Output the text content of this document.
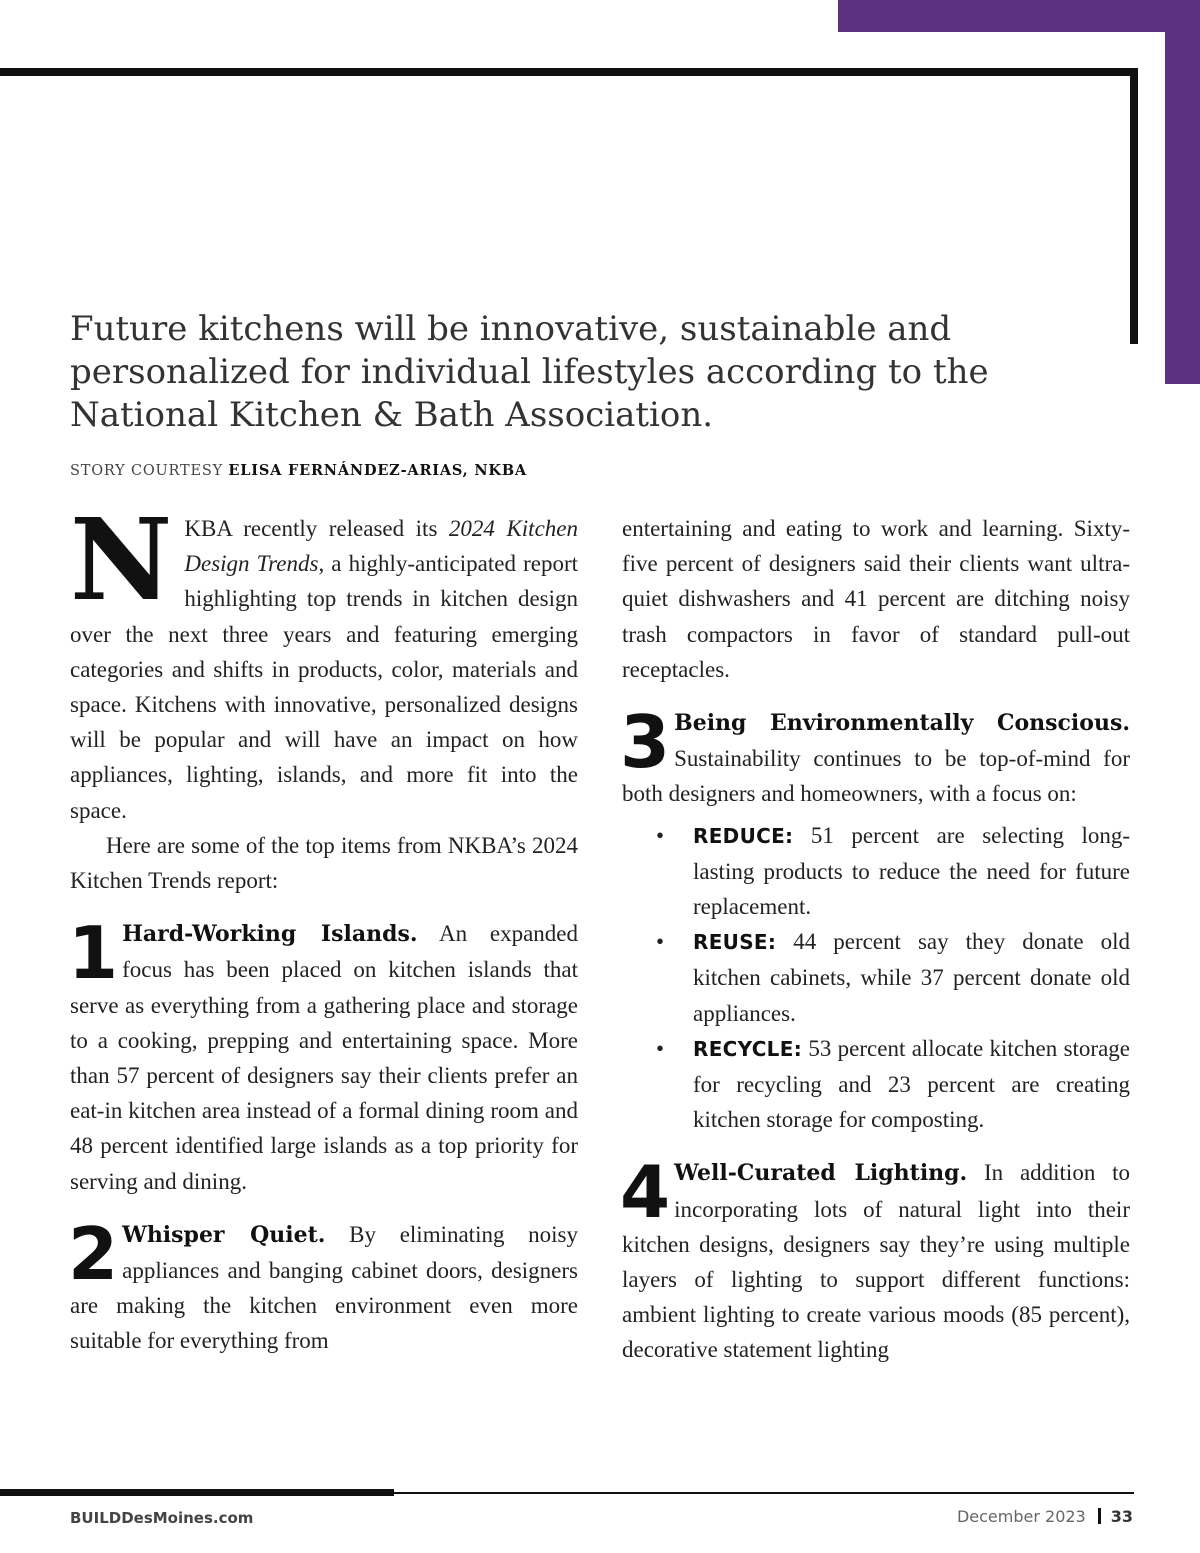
Future kitchens will be innovative, sustainable and personalized for individual lifestyles according to the National Kitchen & Bath Association.

STORY COURTESY ELISA FERNÁNDEZ-ARIAS, NKBA

NKBA recently released its 2024 Kitchen Design Trends, a highly-anticipated report highlighting top trends in kitchen design over the next three years and featuring emerging categories and shifts in products, color, materials and space. Kitchens with innovative, personalized designs will be popular and will have an impact on how appliances, lighting, islands, and more fit into the space.

Here are some of the top items from NKBA’s 2024 Kitchen Trends report:

1 Hard-Working Islands. An expanded focus has been placed on kitchen islands that serve as everything from a gathering place and storage to a cooking, prepping and entertaining space. More than 57 percent of designers say their clients prefer an eat-in kitchen area instead of a formal dining room and 48 percent identified large islands as a top priority for serving and dining.

2 Whisper Quiet. By eliminating noisy appliances and banging cabinet doors, designers are making the kitchen environment even more suitable for everything from

entertaining and eating to work and learning. Sixty-five percent of designers said their clients want ultra-quiet dishwashers and 41 percent are ditching noisy trash compactors in favor of standard pull-out receptacles.

3 Being Environmentally Conscious. Sustainability continues to be top-of-mind for both designers and homeowners, with a focus on:

• REDUCE: 51 percent are selecting long-lasting products to reduce the need for future replacement.
• REUSE: 44 percent say they donate old kitchen cabinets, while 37 percent donate old appliances.
• RECYCLE: 53 percent allocate kitchen storage for recycling and 23 percent are creating kitchen storage for composting.

4 Well-Curated Lighting. In addition to incorporating lots of natural light into their kitchen designs, designers say they’re using multiple layers of lighting to support different functions: ambient lighting to create various moods (85 percent), decorative statement lighting

BUILDDesMoines.com	December 2023 33
